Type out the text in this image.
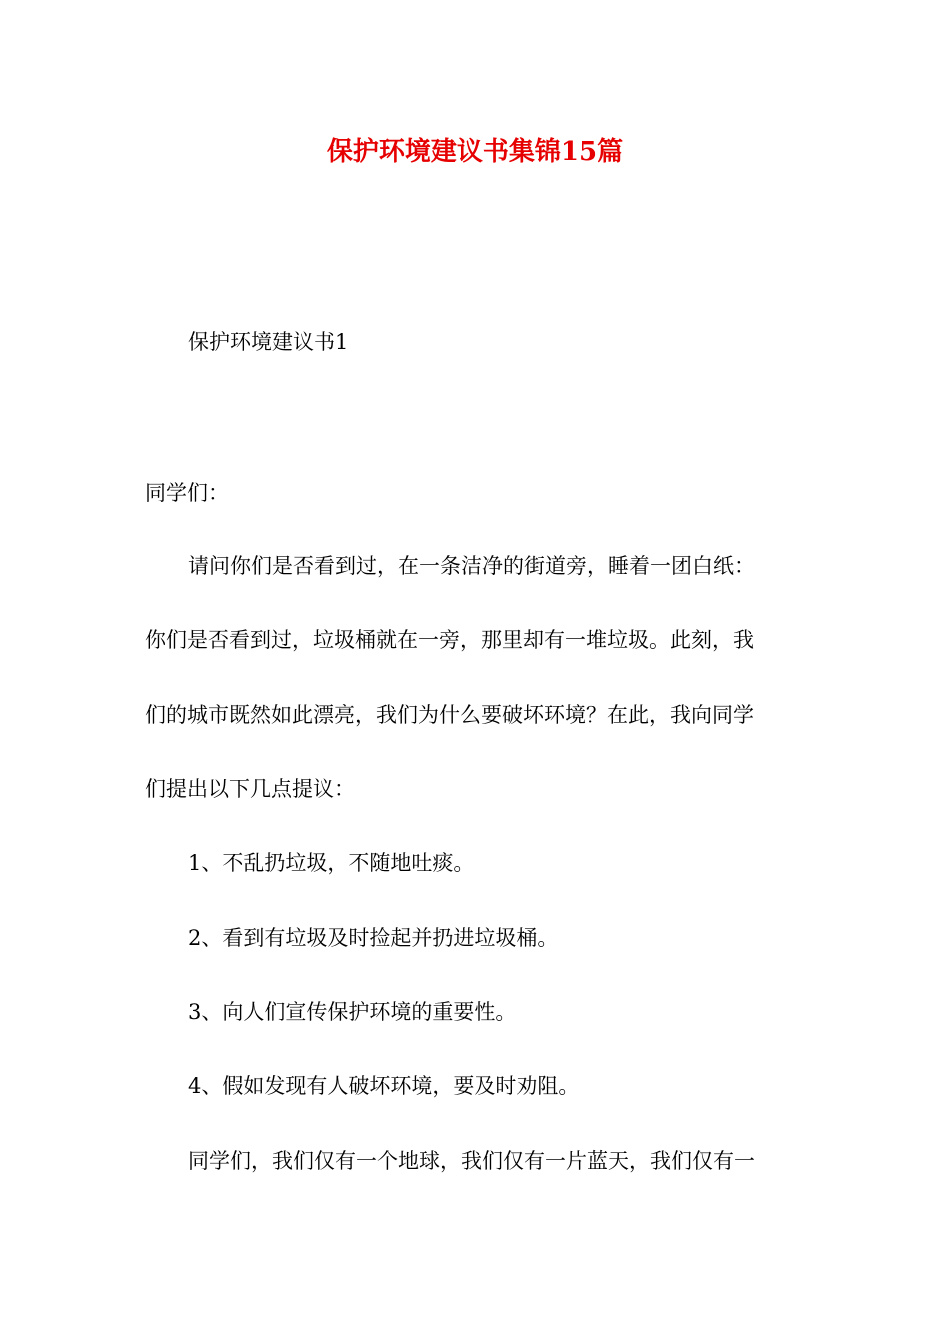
保护环境建议书集锦15篇
保护环境建议书1
同学们：
请问你们是否看到过，在一条洁净的街道旁，睡着一团白纸：
你们是否看到过，垃圾桶就在一旁，那里却有一堆垃圾。此刻，我
们的城市既然如此漂亮，我们为什么要破坏环境？在此，我向同学
们提出以下几点提议：
1、不乱扔垃圾，不随地吐痰。
2、看到有垃圾及时捡起并扔进垃圾桶。
3、向人们宣传保护环境的重要性。
4、假如发现有人破坏环境，要及时劝阻。
同学们，我们仅有一个地球，我们仅有一片蓝天，我们仅有一
